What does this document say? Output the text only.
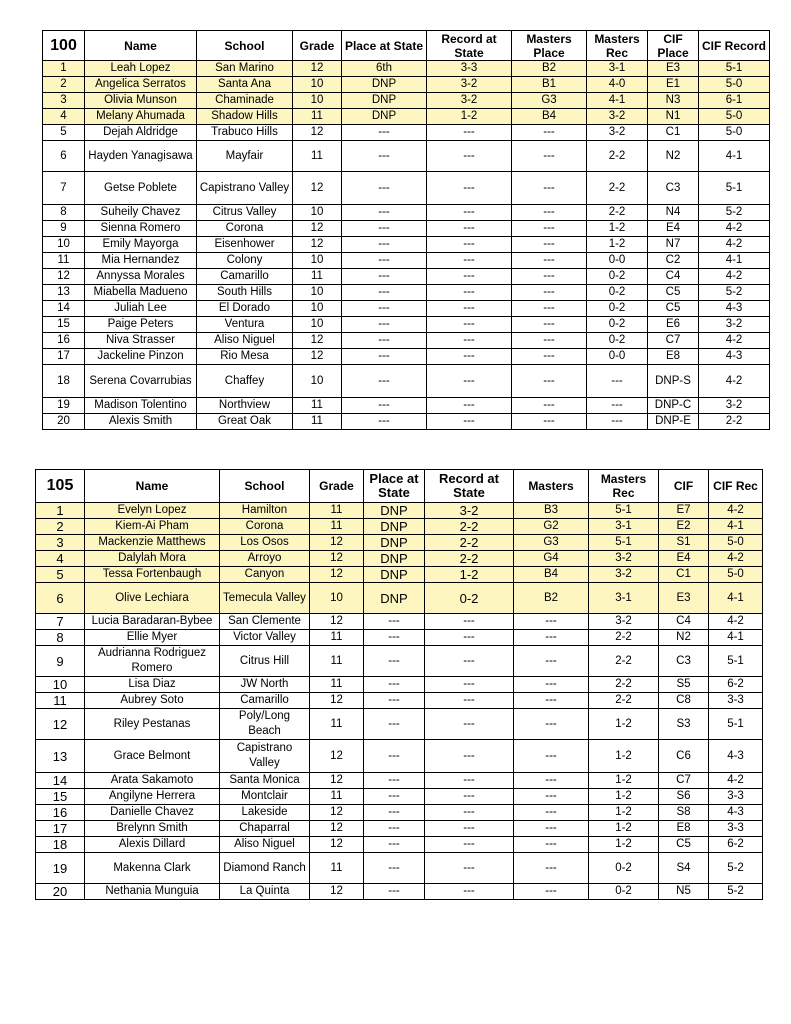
100	Name	School	Grade	Place at State	Record at State	Masters Place	Masters Rec	CIF Place	CIF Record
1	Leah Lopez	San Marino	12	6th	3-3	B2	3-1	E3	5-1
2	Angelica Serratos	Santa Ana	10	DNP	3-2	B1	4-0	E1	5-0
3	Olivia Munson	Chaminade	10	DNP	3-2	G3	4-1	N3	6-1
4	Melany Ahumada	Shadow Hills	11	DNP	1-2	B4	3-2	N1	5-0
5	Dejah Aldridge	Trabuco Hills	12	---	---	---	3-2	C1	5-0
6	Hayden Yanagisawa	Mayfair	11	---	---	---	2-2	N2	4-1
7	Getse Poblete	Capistrano Valley	12	---	---	---	2-2	C3	5-1
8	Suheily Chavez	Citrus Valley	10	---	---	---	2-2	N4	5-2
9	Sienna Romero	Corona	12	---	---	---	1-2	E4	4-2
10	Emily Mayorga	Eisenhower	12	---	---	---	1-2	N7	4-2
11	Mia Hernandez	Colony	10	---	---	---	0-0	C2	4-1
12	Annyssa Morales	Camarillo	11	---	---	---	0-2	C4	4-2
13	Miabella Madueno	South Hills	10	---	---	---	0-2	C5	5-2
14	Juliah Lee	El Dorado	10	---	---	---	0-2	C5	4-3
15	Paige Peters	Ventura	10	---	---	---	0-2	E6	3-2
16	Niva Strasser	Aliso Niguel	12	---	---	---	0-2	C7	4-2
17	Jackeline Pinzon	Rio Mesa	12	---	---	---	0-0	E8	4-3
18	Serena Covarrubias	Chaffey	10	---	---	---	---	DNP-S	4-2
19	Madison Tolentino	Northview	11	---	---	---	---	DNP-C	3-2
20	Alexis Smith	Great Oak	11	---	---	---	---	DNP-E	2-2
105	Name	School	Grade	Place at State	Record at State	Masters	Masters Rec	CIF	CIF Rec
1	Evelyn Lopez	Hamilton	11	DNP	3-2	B3	5-1	E7	4-2
2	Kiem-Ai Pham	Corona	11	DNP	2-2	G2	3-1	E2	4-1
3	Mackenzie Matthews	Los Osos	12	DNP	2-2	G3	5-1	S1	5-0
4	Dalylah Mora	Arroyo	12	DNP	2-2	G4	3-2	E4	4-2
5	Tessa Fortenbaugh	Canyon	12	DNP	1-2	B4	3-2	C1	5-0
6	Olive Lechiara	Temecula Valley	10	DNP	0-2	B2	3-1	E3	4-1
7	Lucia Baradaran-Bybee	San Clemente	12	---	---	---	3-2	C4	4-2
8	Ellie Myer	Victor Valley	11	---	---	---	2-2	N2	4-1
9	Audrianna Rodriguez Romero	Citrus Hill	11	---	---	---	2-2	C3	5-1
10	Lisa Diaz	JW North	11	---	---	---	2-2	S5	6-2
11	Aubrey Soto	Camarillo	12	---	---	---	2-2	C8	3-3
12	Riley Pestanas	Poly/Long Beach	11	---	---	---	1-2	S3	5-1
13	Grace Belmont	Capistrano Valley	12	---	---	---	1-2	C6	4-3
14	Arata Sakamoto	Santa Monica	12	---	---	---	1-2	C7	4-2
15	Angilyne Herrera	Montclair	11	---	---	---	1-2	S6	3-3
16	Danielle Chavez	Lakeside	12	---	---	---	1-2	S8	4-3
17	Brelynn Smith	Chaparral	12	---	---	---	1-2	E8	3-3
18	Alexis Dillard	Aliso Niguel	12	---	---	---	1-2	C5	6-2
19	Makenna Clark	Diamond Ranch	11	---	---	---	0-2	S4	5-2
20	Nethania Munguia	La Quinta	12	---	---	---	0-2	N5	5-2
